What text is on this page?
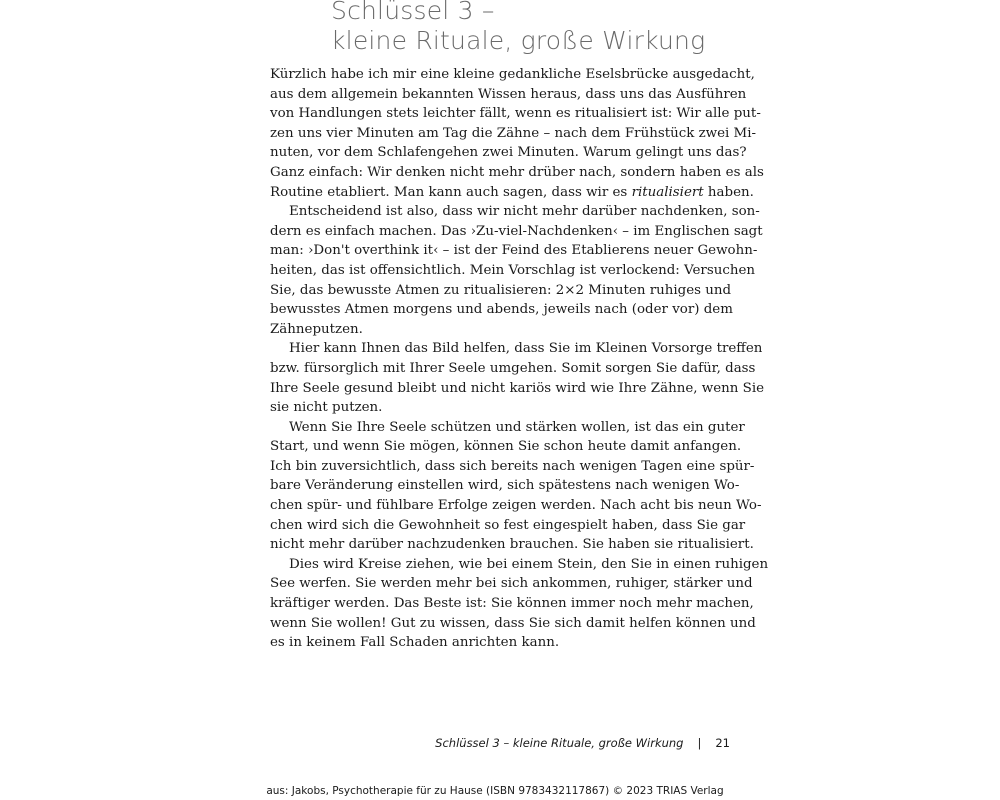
Schlüssel 3 –
kleine Rituale, große Wirkung
Kürzlich habe ich mir eine kleine gedankliche Eselsbrücke ausgedacht,
aus dem allgemein bekannten Wissen heraus, dass uns das Ausführen
von Handlungen stets leichter fällt, wenn es ritualisiert ist: Wir alle put-
zen uns vier Minuten am Tag die Zähne – nach dem Frühstück zwei Mi-
nuten, vor dem Schlafengehen zwei Minuten. Warum gelingt uns das?
Ganz einfach: Wir denken nicht mehr drüber nach, sondern haben es als
Routine etabliert. Man kann auch sagen, dass wir es ritualisiert haben.
Entscheidend ist also, dass wir nicht mehr darüber nachdenken, son-
dern es einfach machen. Das ›Zu-viel-Nachdenken‹ – im Englischen sagt
man: ›Don't overthink it‹ – ist der Feind des Etablierens neuer Gewohn-
heiten, das ist offensichtlich. Mein Vorschlag ist verlockend: Versuchen
Sie, das bewusste Atmen zu ritualisieren: 2×2 Minuten ruhiges und
bewusstes Atmen morgens und abends, jeweils nach (oder vor) dem
Zähneputzen.
Hier kann Ihnen das Bild helfen, dass Sie im Kleinen Vorsorge treffen
bzw. fürsorglich mit Ihrer Seele umgehen. Somit sorgen Sie dafür, dass
Ihre Seele gesund bleibt und nicht kariös wird wie Ihre Zähne, wenn Sie
sie nicht putzen.
Wenn Sie Ihre Seele schützen und stärken wollen, ist das ein guter
Start, und wenn Sie mögen, können Sie schon heute damit anfangen.
Ich bin zuversichtlich, dass sich bereits nach wenigen Tagen eine spür-
bare Veränderung einstellen wird, sich spätestens nach wenigen Wo-
chen spür- und fühlbare Erfolge zeigen werden. Nach acht bis neun Wo-
chen wird sich die Gewohnheit so fest eingespielt haben, dass Sie gar
nicht mehr darüber nachzudenken brauchen. Sie haben sie ritualisiert.
Dies wird Kreise ziehen, wie bei einem Stein, den Sie in einen ruhigen
See werfen. Sie werden mehr bei sich ankommen, ruhiger, stärker und
kräftiger werden. Das Beste ist: Sie können immer noch mehr machen,
wenn Sie wollen! Gut zu wissen, dass Sie sich damit helfen können und
es in keinem Fall Schaden anrichten kann.
Schlüssel 3 – kleine Rituale, große Wirkung | 21
aus: Jakobs, Psychotherapie für zu Hause (ISBN 9783432117867) © 2023 TRIAS Verlag
